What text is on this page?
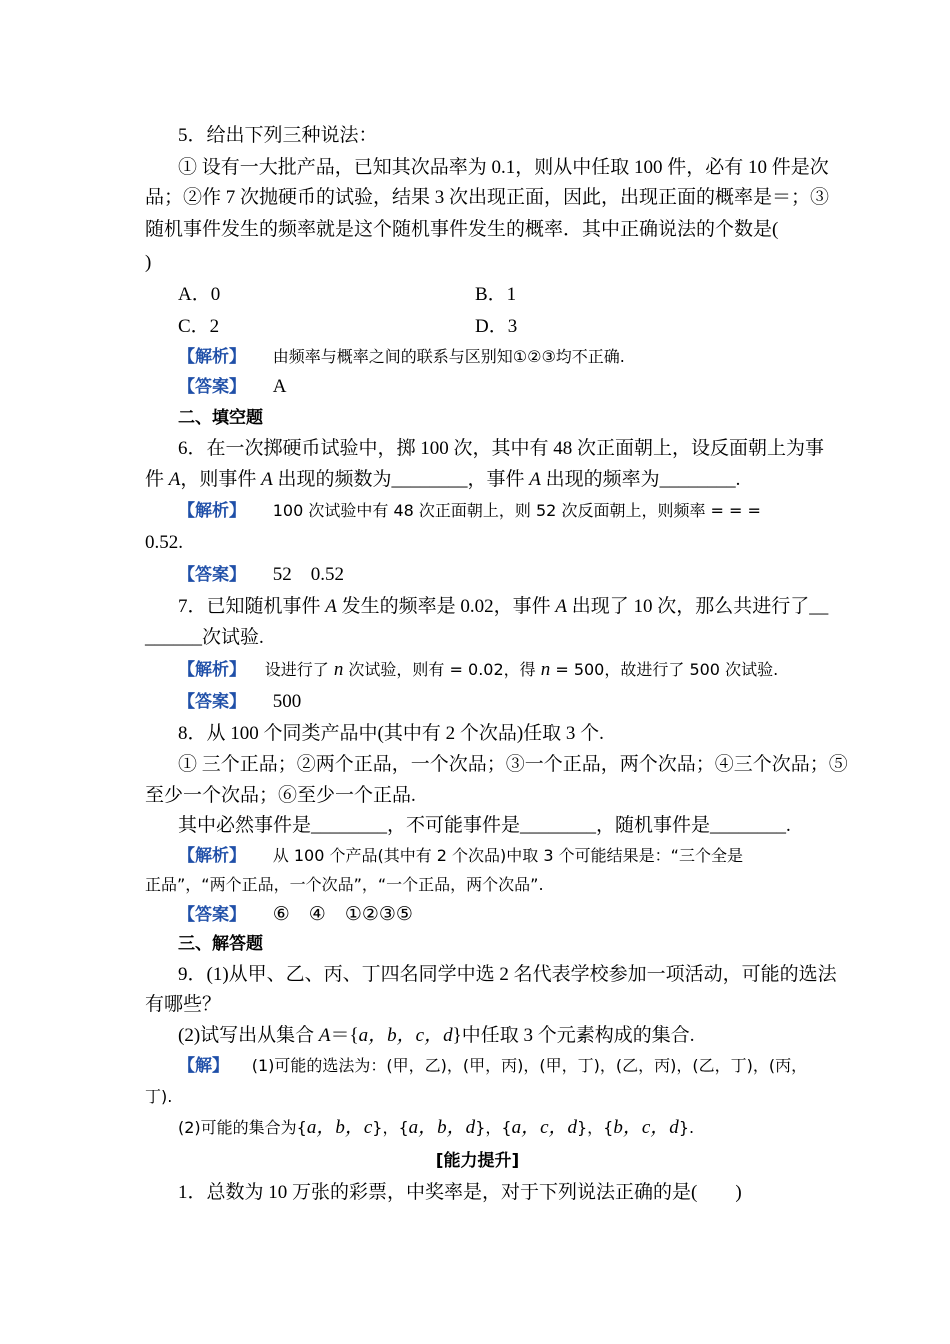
5．给出下列三种说法：
① 设有一大批产品，已知其次品率为 0.1，则从中任取 100 件，必有 10 件是次
品；②作 7 次抛硬币的试验，结果 3 次出现正面，因此，出现正面的概率是＝；③
随机事件发生的频率就是这个随机事件发生的概率．其中正确说法的个数是(
)
A．0	B．1
C．2	D．3
【解析】 由频率与概率之间的联系与区别知①②③均不正确.
【答案】 A
二、填空题
6．在一次掷硬币试验中，掷 100 次，其中有 48 次正面朝上，设反面朝上为事
件 A，则事件 A 出现的频数为________，事件 A 出现的频率为________.
【解析】 100 次试验中有 48 次正面朝上，则 52 次反面朝上，则频率 = = =
0.52.
【答案】 52　0.52
7．已知随机事件 A 发生的频率是 0.02，事件 A 出现了 10 次，那么共进行了__
______次试验.
【解析】 设进行了 n 次试验，则有 = 0.02，得 n = 500，故进行了 500 次试验.
【答案】 500
8．从 100 个同类产品中(其中有 2 个次品)任取 3 个.
① 三个正品；②两个正品，一个次品；③一个正品，两个次品；④三个次品；⑤
至少一个次品；⑥至少一个正品.
其中必然事件是________，不可能事件是________，随机事件是________.
【解析】 从 100 个产品(其中有 2 个次品)中取 3 个可能结果是：“三个全是
正品”，“两个正品，一个次品”，“一个正品，两个次品”.
【答案】 ⑥　④　①②③⑤
三、解答题
9．(1)从甲、乙、丙、丁四名同学中选 2 名代表学校参加一项活动，可能的选法
有哪些？
(2)试写出从集合 A＝{a，b，c，d}中任取 3 个元素构成的集合.
【解】 (1)可能的选法为：(甲，乙)，(甲，丙)，(甲，丁)，(乙，丙)，(乙，丁)，(丙，
丁).
(2)可能的集合为{a，b，c}，{a，b，d}，{a，c，d}，{b，c，d}.
[能力提升]
1．总数为 10 万张的彩票，中奖率是，对于下列说法正确的是(　　)
